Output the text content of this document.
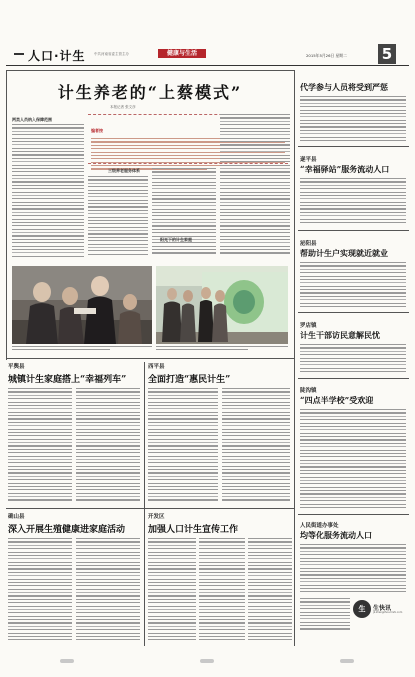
人口·计生 中共河南省委主管主办	健康与生活	2015年5月26日 星期二 5
计生养老的“上蔡模式”
本报记者 张文彦
两类人员纳入保障范围
编者按
三级养老服务体系
阳光下的计生家庭
代学参与人员将受到严惩
遂平县
“幸福驿站”服务流动人口
泌阳县
帮助计生户实现就近就业
罗店镇
计生干部访民意解民忧
陡沟镇
“四点半学校”受欢迎
人民街道办事处
均等化服务流动人口
生	生快讯
jk.zhengzhou.hnrb.com
平舆县
城镇计生家庭搭上“幸福列车”
西平县
全面打造“惠民计生”
确山县
深入开展生殖健康进家庭活动
开发区
加强人口计生宣传工作
